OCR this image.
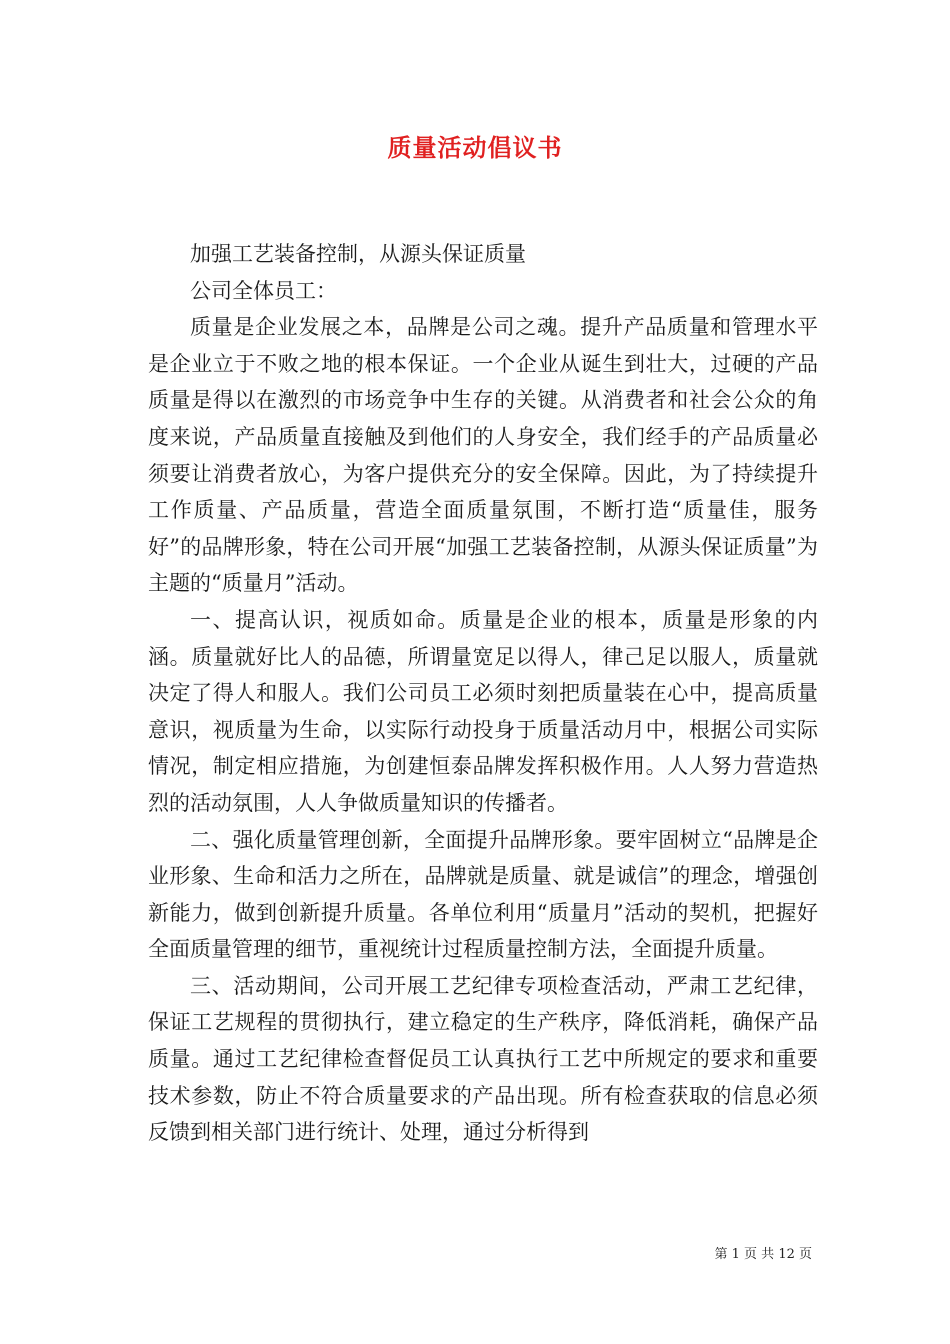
质量活动倡议书

加强工艺装备控制，从源头保证质量

公司全体员工：

质量是企业发展之本，品牌是公司之魂。提升产品质量和管理水平是企业立于不败之地的根本保证。一个企业从诞生到壮大，过硬的产品质量是得以在激烈的市场竞争中生存的关键。从消费者和社会公众的角度来说，产品质量直接触及到他们的人身安全，我们经手的产品质量必须要让消费者放心，为客户提供充分的安全保障。因此，为了持续提升工作质量、产品质量，营造全面质量氛围，不断打造“质量佳，服务好”的品牌形象，特在公司开展“加强工艺装备控制，从源头保证质量”为主题的“质量月”活动。

一、提高认识，视质如命。质量是企业的根本，质量是形象的内涵。质量就好比人的品德，所谓量宽足以得人，律己足以服人，质量就决定了得人和服人。我们公司员工必须时刻把质量装在心中，提高质量意识，视质量为生命，以实际行动投身于质量活动月中，根据公司实际情况，制定相应措施，为创建恒泰品牌发挥积极作用。人人努力营造热烈的活动氛围，人人争做质量知识的传播者。

二、强化质量管理创新，全面提升品牌形象。要牢固树立“品牌是企业形象、生命和活力之所在，品牌就是质量、就是诚信”的理念，增强创新能力，做到创新提升质量。各单位利用“质量月”活动的契机，把握好全面质量管理的细节，重视统计过程质量控制方法，全面提升质量。

三、活动期间，公司开展工艺纪律专项检查活动，严肃工艺纪律，保证工艺规程的贯彻执行，建立稳定的生产秩序，降低消耗，确保产品质量。通过工艺纪律检查督促员工认真执行工艺中所规定的要求和重要技术参数，防止不符合质量要求的产品出现。所有检查获取的信息必须反馈到相关部门进行统计、处理，通过分析得到

第 1 页 共 12 页
